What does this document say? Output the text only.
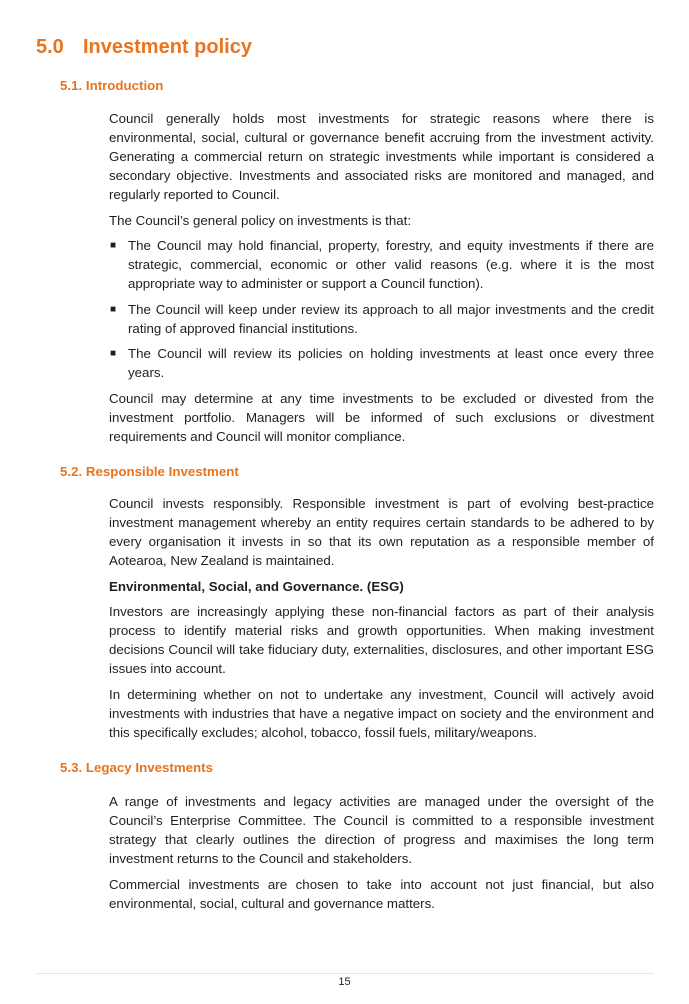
5.0 Investment policy
5.1. Introduction

Council generally holds most investments for strategic reasons where there is environmental, social, cultural or governance benefit accruing from the investment activity. Generating a commercial return on strategic investments while important is considered a secondary objective. Investments and associated risks are monitored and managed, and regularly reported to Council.

The Council’s general policy on investments is that:

■ The Council may hold financial, property, forestry, and equity investments if there are strategic, commercial, economic or other valid reasons (e.g. where it is the most appropriate way to administer or support a Council function).
■ The Council will keep under review its approach to all major investments and the credit rating of approved financial institutions.
■ The Council will review its policies on holding investments at least once every three years.

Council may determine at any time investments to be excluded or divested from the investment portfolio. Managers will be informed of such exclusions or divestment requirements and Council will monitor compliance.

5.2. Responsible Investment

Council invests responsibly. Responsible investment is part of evolving best-practice investment management whereby an entity requires certain standards to be adhered to by every organisation it invests in so that its own reputation as a responsible member of Aotearoa, New Zealand is maintained.

Environmental, Social, and Governance. (ESG)

Investors are increasingly applying these non-financial factors as part of their analysis process to identify material risks and growth opportunities. When making investment decisions Council will take fiduciary duty, externalities, disclosures, and other important ESG issues into account.

In determining whether on not to undertake any investment, Council will actively avoid investments with industries that have a negative impact on society and the environment and this specifically excludes; alcohol, tobacco, fossil fuels, military/weapons.

5.3. Legacy Investments

A range of investments and legacy activities are managed under the oversight of the Council’s Enterprise Committee. The Council is committed to a responsible investment strategy that clearly outlines the direction of progress and maximises the long term investment returns to the Council and stakeholders.

Commercial investments are chosen to take into account not just financial, but also environmental, social, cultural and governance matters.

15
